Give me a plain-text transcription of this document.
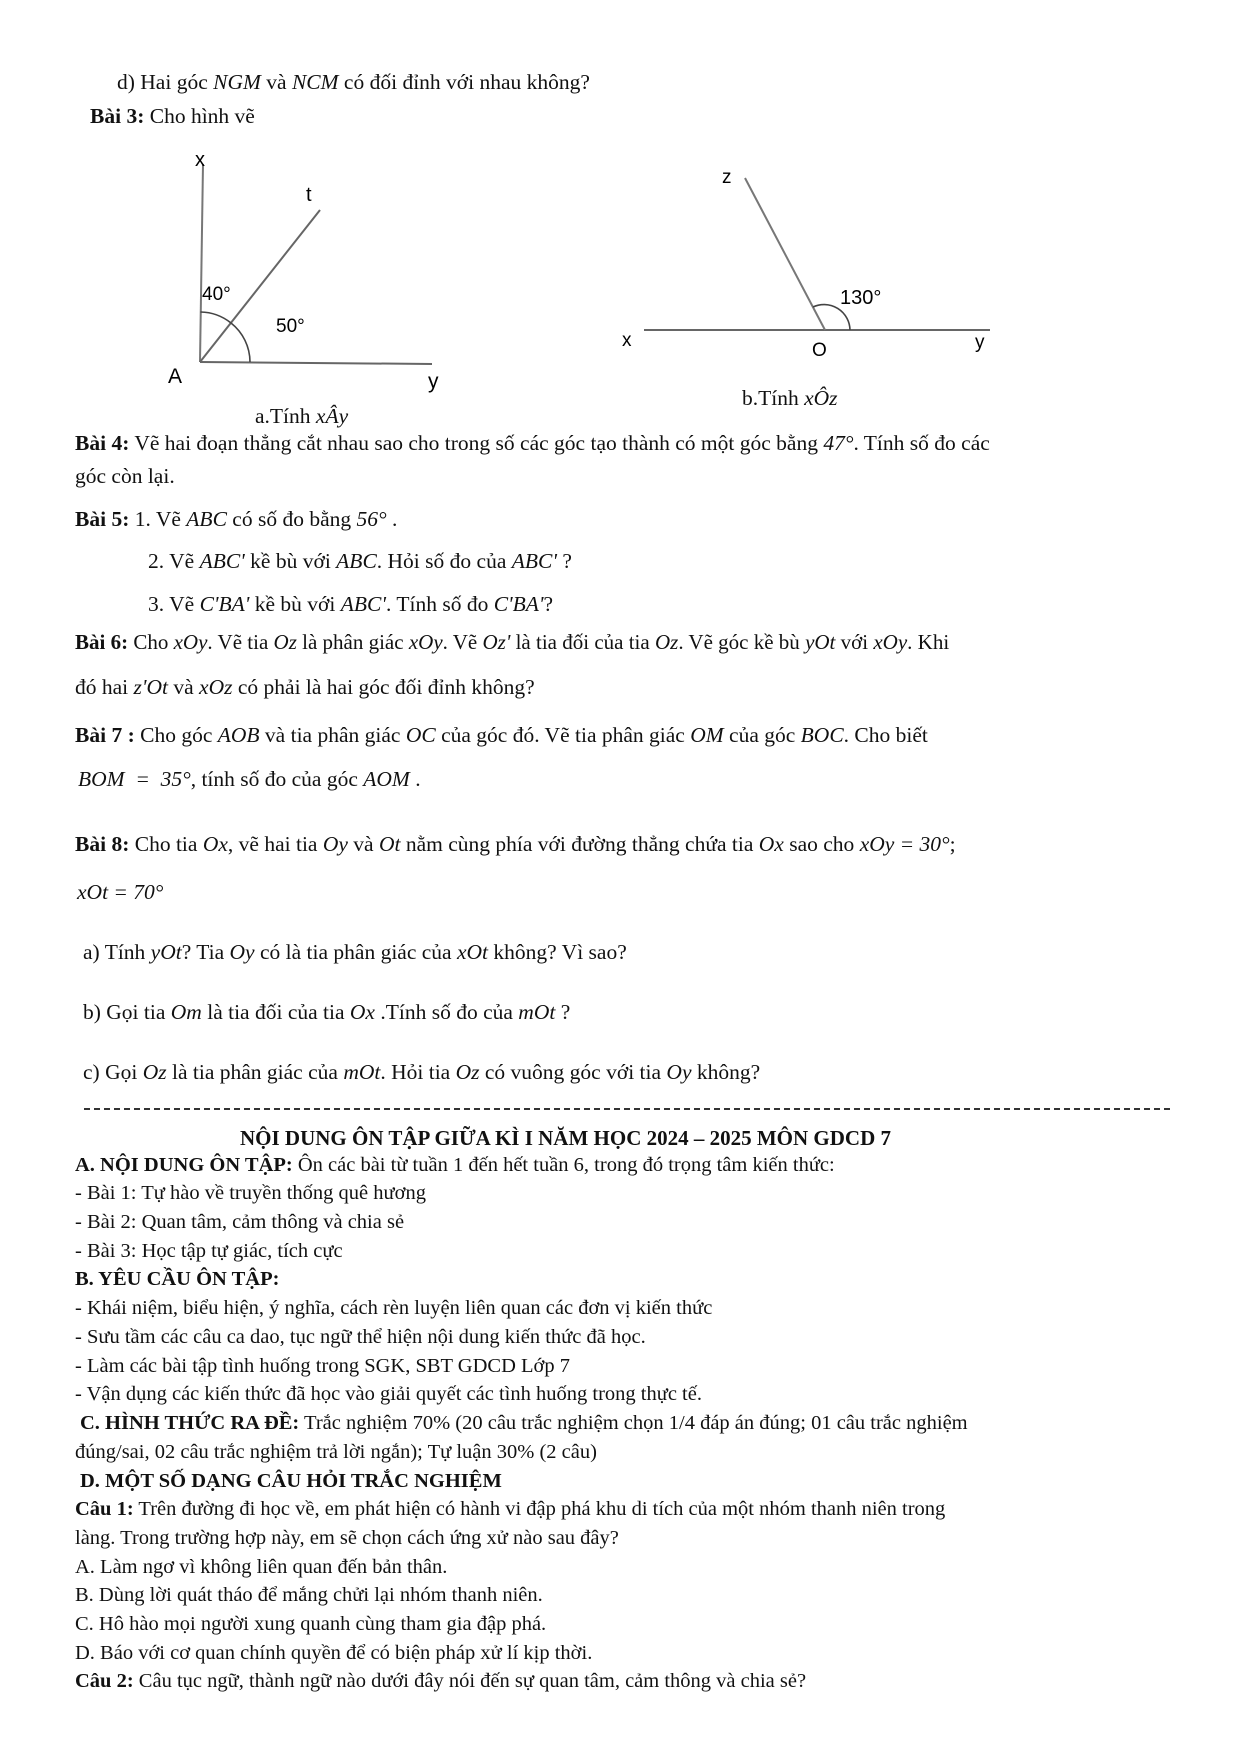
d) Hai góc NGM và NCM có đối đỉnh với nhau không?
Bài 3: Cho hình vẽ
x
t
40°
50°
A	y
a.Tính xÂy
z
130°
x	O	y
b.Tính xÔz
Bài 4: Vẽ hai đoạn thẳng cắt nhau sao cho trong số các góc tạo thành có một góc bằng 47°. Tính số đo các
góc còn lại.
Bài 5: 1. Vẽ ABC có số đo bằng 56° .
2. Vẽ ABC' kề bù với ABC. Hỏi số đo của ABC' ?
3. Vẽ C'BA' kề bù với ABC'. Tính số đo C'BA'?
Bài 6: Cho xOy. Vẽ tia Oz là phân giác xOy. Vẽ Oz' là tia đối của tia Oz. Vẽ góc kề bù yOt với xOy. Khi
đó hai z'Ot và xOz có phải là hai góc đối đỉnh không?
Bài 7 : Cho góc AOB và tia phân giác OC của góc đó. Vẽ tia phân giác OM của góc BOC. Cho biết
BOM  =  35°, tính số đo của góc AOM .
Bài 8: Cho tia Ox, vẽ hai tia Oy và Ot nằm cùng phía với đường thẳng chứa tia Ox sao cho xOy = 30°;
xOt = 70°
a) Tính yOt? Tia Oy có là tia phân giác của xOt không? Vì sao?
b) Gọi tia Om là tia đối của tia Ox .Tính số đo của mOt ?
c) Gọi Oz là tia phân giác của mOt. Hỏi tia Oz có vuông góc với tia Oy không?
NỘI DUNG ÔN TẬP GIỮA KÌ I NĂM HỌC 2024 – 2025 MÔN GDCD 7
A. NỘI DUNG ÔN TẬP: Ôn các bài từ tuần 1 đến hết tuần 6, trong đó trọng tâm kiến thức:
- Bài 1: Tự hào về truyền thống quê hương
- Bài 2: Quan tâm, cảm thông và chia sẻ
- Bài 3: Học tập tự giác, tích cực
B. YÊU CẦU ÔN TẬP:
- Khái niệm, biểu hiện, ý nghĩa, cách rèn luyện liên quan các đơn vị kiến thức
- Sưu tầm các câu ca dao, tục ngữ thể hiện nội dung kiến thức đã học.
- Làm các bài tập tình huống trong SGK, SBT GDCD Lớp 7
- Vận dụng các kiến thức đã học vào giải quyết các tình huống trong thực tế.
C. HÌNH THỨC RA ĐỀ: Trắc nghiệm 70% (20 câu trắc nghiệm chọn 1/4 đáp án đúng; 01 câu trắc nghiệm
đúng/sai, 02 câu trắc nghiệm trả lời ngắn); Tự luận 30% (2 câu)
D. MỘT SỐ DẠNG CÂU HỎI TRẮC NGHIỆM
Câu 1: Trên đường đi học về, em phát hiện có hành vi đập phá khu di tích của một nhóm thanh niên trong
làng. Trong trường hợp này, em sẽ chọn cách ứng xử nào sau đây?
A. Làm ngơ vì không liên quan đến bản thân.
B. Dùng lời quát tháo để mắng chửi lại nhóm thanh niên.
C. Hô hào mọi người xung quanh cùng tham gia đập phá.
D. Báo với cơ quan chính quyền để có biện pháp xử lí kịp thời.
Câu 2: Câu tục ngữ, thành ngữ nào dưới đây nói đến sự quan tâm, cảm thông và chia sẻ?
